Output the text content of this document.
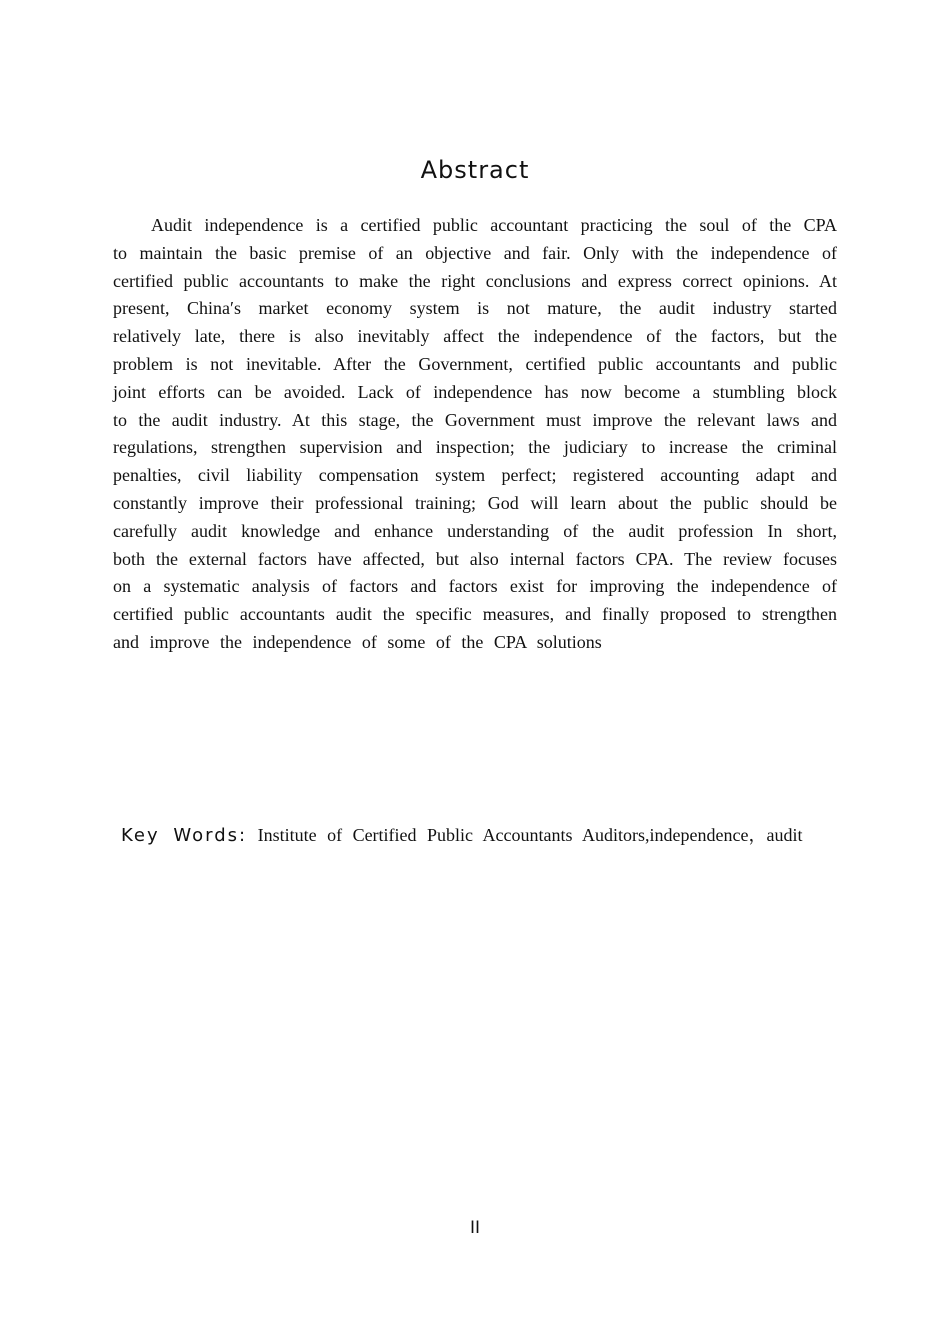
Abstract

Audit independence is a certified public accountant practicing the soul of the CPA to maintain the basic premise of an objective and fair. Only with the independence of certified public accountants to make the right conclusions and express correct opinions. At present, China′s market economy system is not mature, the audit industry started relatively late, there is also inevitably affect the independence of the factors, but the problem is not inevitable. After the Government, certified public accountants and public joint efforts can be avoided. Lack of independence has now become a stumbling block to the audit industry. At this stage, the Government must improve the relevant laws and regulations, strengthen supervision and inspection; the judiciary to increase the criminal penalties, civil liability compensation system perfect; registered accounting adapt and constantly improve their professional training; God will learn about the public should be carefully audit knowledge and enhance understanding of the audit profession In short, both the external factors have affected, but also internal factors CPA. The review focuses on a systematic analysis of factors and factors exist for improving the independence of certified public accountants audit the specific measures, and finally proposed to strengthen and improve the independence of some of the CPA solutions

Key Words: Institute of Certified Public Accountants Auditors,independence，audit

II
